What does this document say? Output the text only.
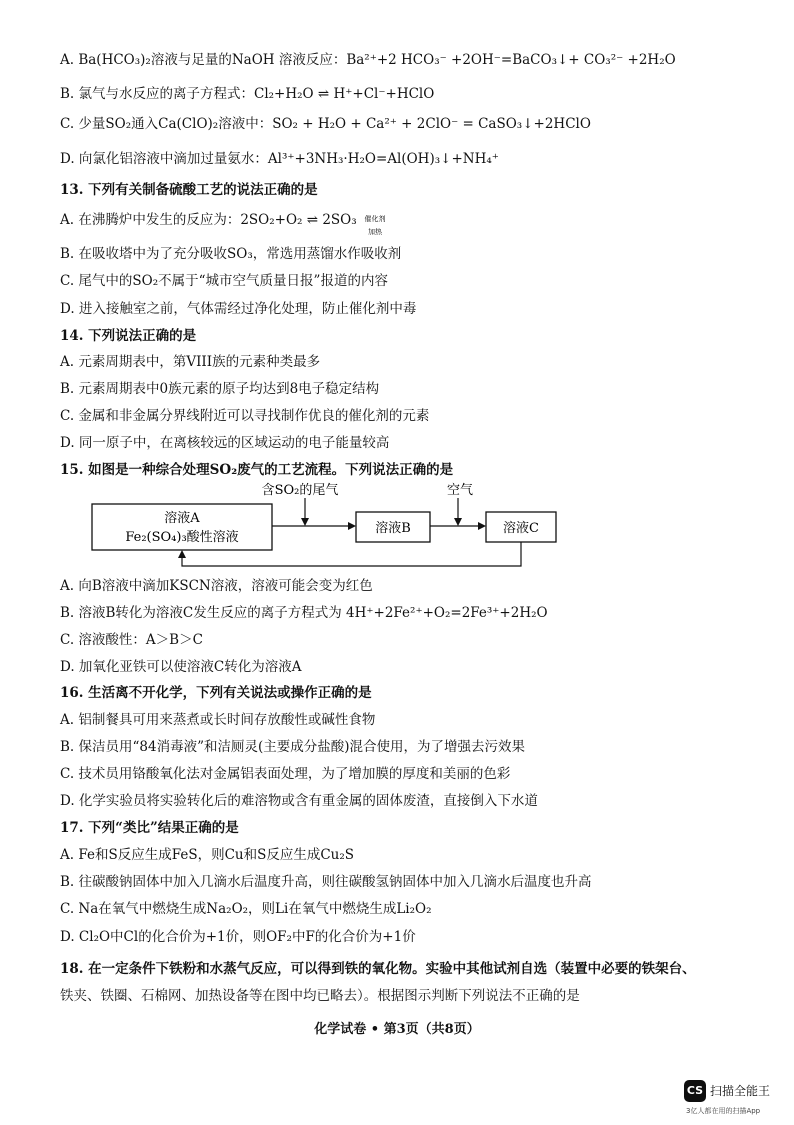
A. Ba(HCO₃)₂溶液与足量的NaOH 溶液反应：Ba²⁺+2 HCO₃⁻ +2OH⁻=BaCO₃↓+ CO₃²⁻ +2H₂O
B. 氯气与水反应的离子方程式：Cl₂+H₂O ⇌ H⁺+Cl⁻+HClO
C. 少量SO₂通入Ca(ClO)₂溶液中：SO₂ + H₂O + Ca²⁺ + 2ClO⁻ = CaSO₃↓+2HClO
D. 向氯化铝溶液中滴加过量氨水：Al³⁺+3NH₃·H₂O=Al(OH)₃↓+NH₄⁺
13. 下列有关制备硫酸工艺的说法正确的是
A. 在沸腾炉中发生的反应为：2SO₂+O₂ ⇌ 2SO₃
B. 在吸收塔中为了充分吸收SO₃，常选用蒸馏水作吸收剂
C. 尾气中的SO₂不属于“城市空气质量日报”报道的内容
D. 进入接触室之前，气体需经过净化处理，防止催化剂中毒
14. 下列说法正确的是
A. 元素周期表中，第VIII族的元素种类最多
B. 元素周期表中0族元素的原子均达到8电子稳定结构
C. 金属和非金属分界线附近可以寻找制作优良的催化剂的元素
D. 同一原子中，在离核较远的区域运动的电子能量较高
15. 如图是一种综合处理SO₂废气的工艺流程。下列说法正确的是
溶液A
Fe₂(SO₄)₃酸性溶液
溶液B	溶液C
含SO₂的尾气	空气
催化剂
加热
A. 向B溶液中滴加KSCN溶液，溶液可能会变为红色
B. 溶液B转化为溶液C发生反应的离子方程式为 4H⁺+2Fe²⁺+O₂=2Fe³⁺+2H₂O
C. 溶液酸性：A＞B＞C
D. 加氧化亚铁可以使溶液C转化为溶液A
16. 生活离不开化学，下列有关说法或操作正确的是
A. 铝制餐具可用来蒸煮或长时间存放酸性或碱性食物
B. 保洁员用“84消毒液”和洁厕灵(主要成分盐酸)混合使用，为了增强去污效果
C. 技术员用铬酸氧化法对金属铝表面处理，为了增加膜的厚度和美丽的色彩
D. 化学实验员将实验转化后的难溶物或含有重金属的固体废渣，直接倒入下水道
17. 下列“类比”结果正确的是
A. Fe和S反应生成FeS，则Cu和S反应生成Cu₂S
B. 往碳酸钠固体中加入几滴水后温度升高，则往碳酸氢钠固体中加入几滴水后温度也升高
C. Na在氧气中燃烧生成Na₂O₂，则Li在氧气中燃烧生成Li₂O₂
D. Cl₂O中Cl的化合价为+1价，则OF₂中F的化合价为+1价
18. 在一定条件下铁粉和水蒸气反应，可以得到铁的氧化物。实验中其他试剂自选（装置中必要的铁架台、
铁夹、铁圈、石棉网、加热设备等在图中均已略去）。根据图示判断下列说法不正确的是
化学试卷 • 第3页（共8页）
CS 扫描全能王
3亿人都在用的扫描App
